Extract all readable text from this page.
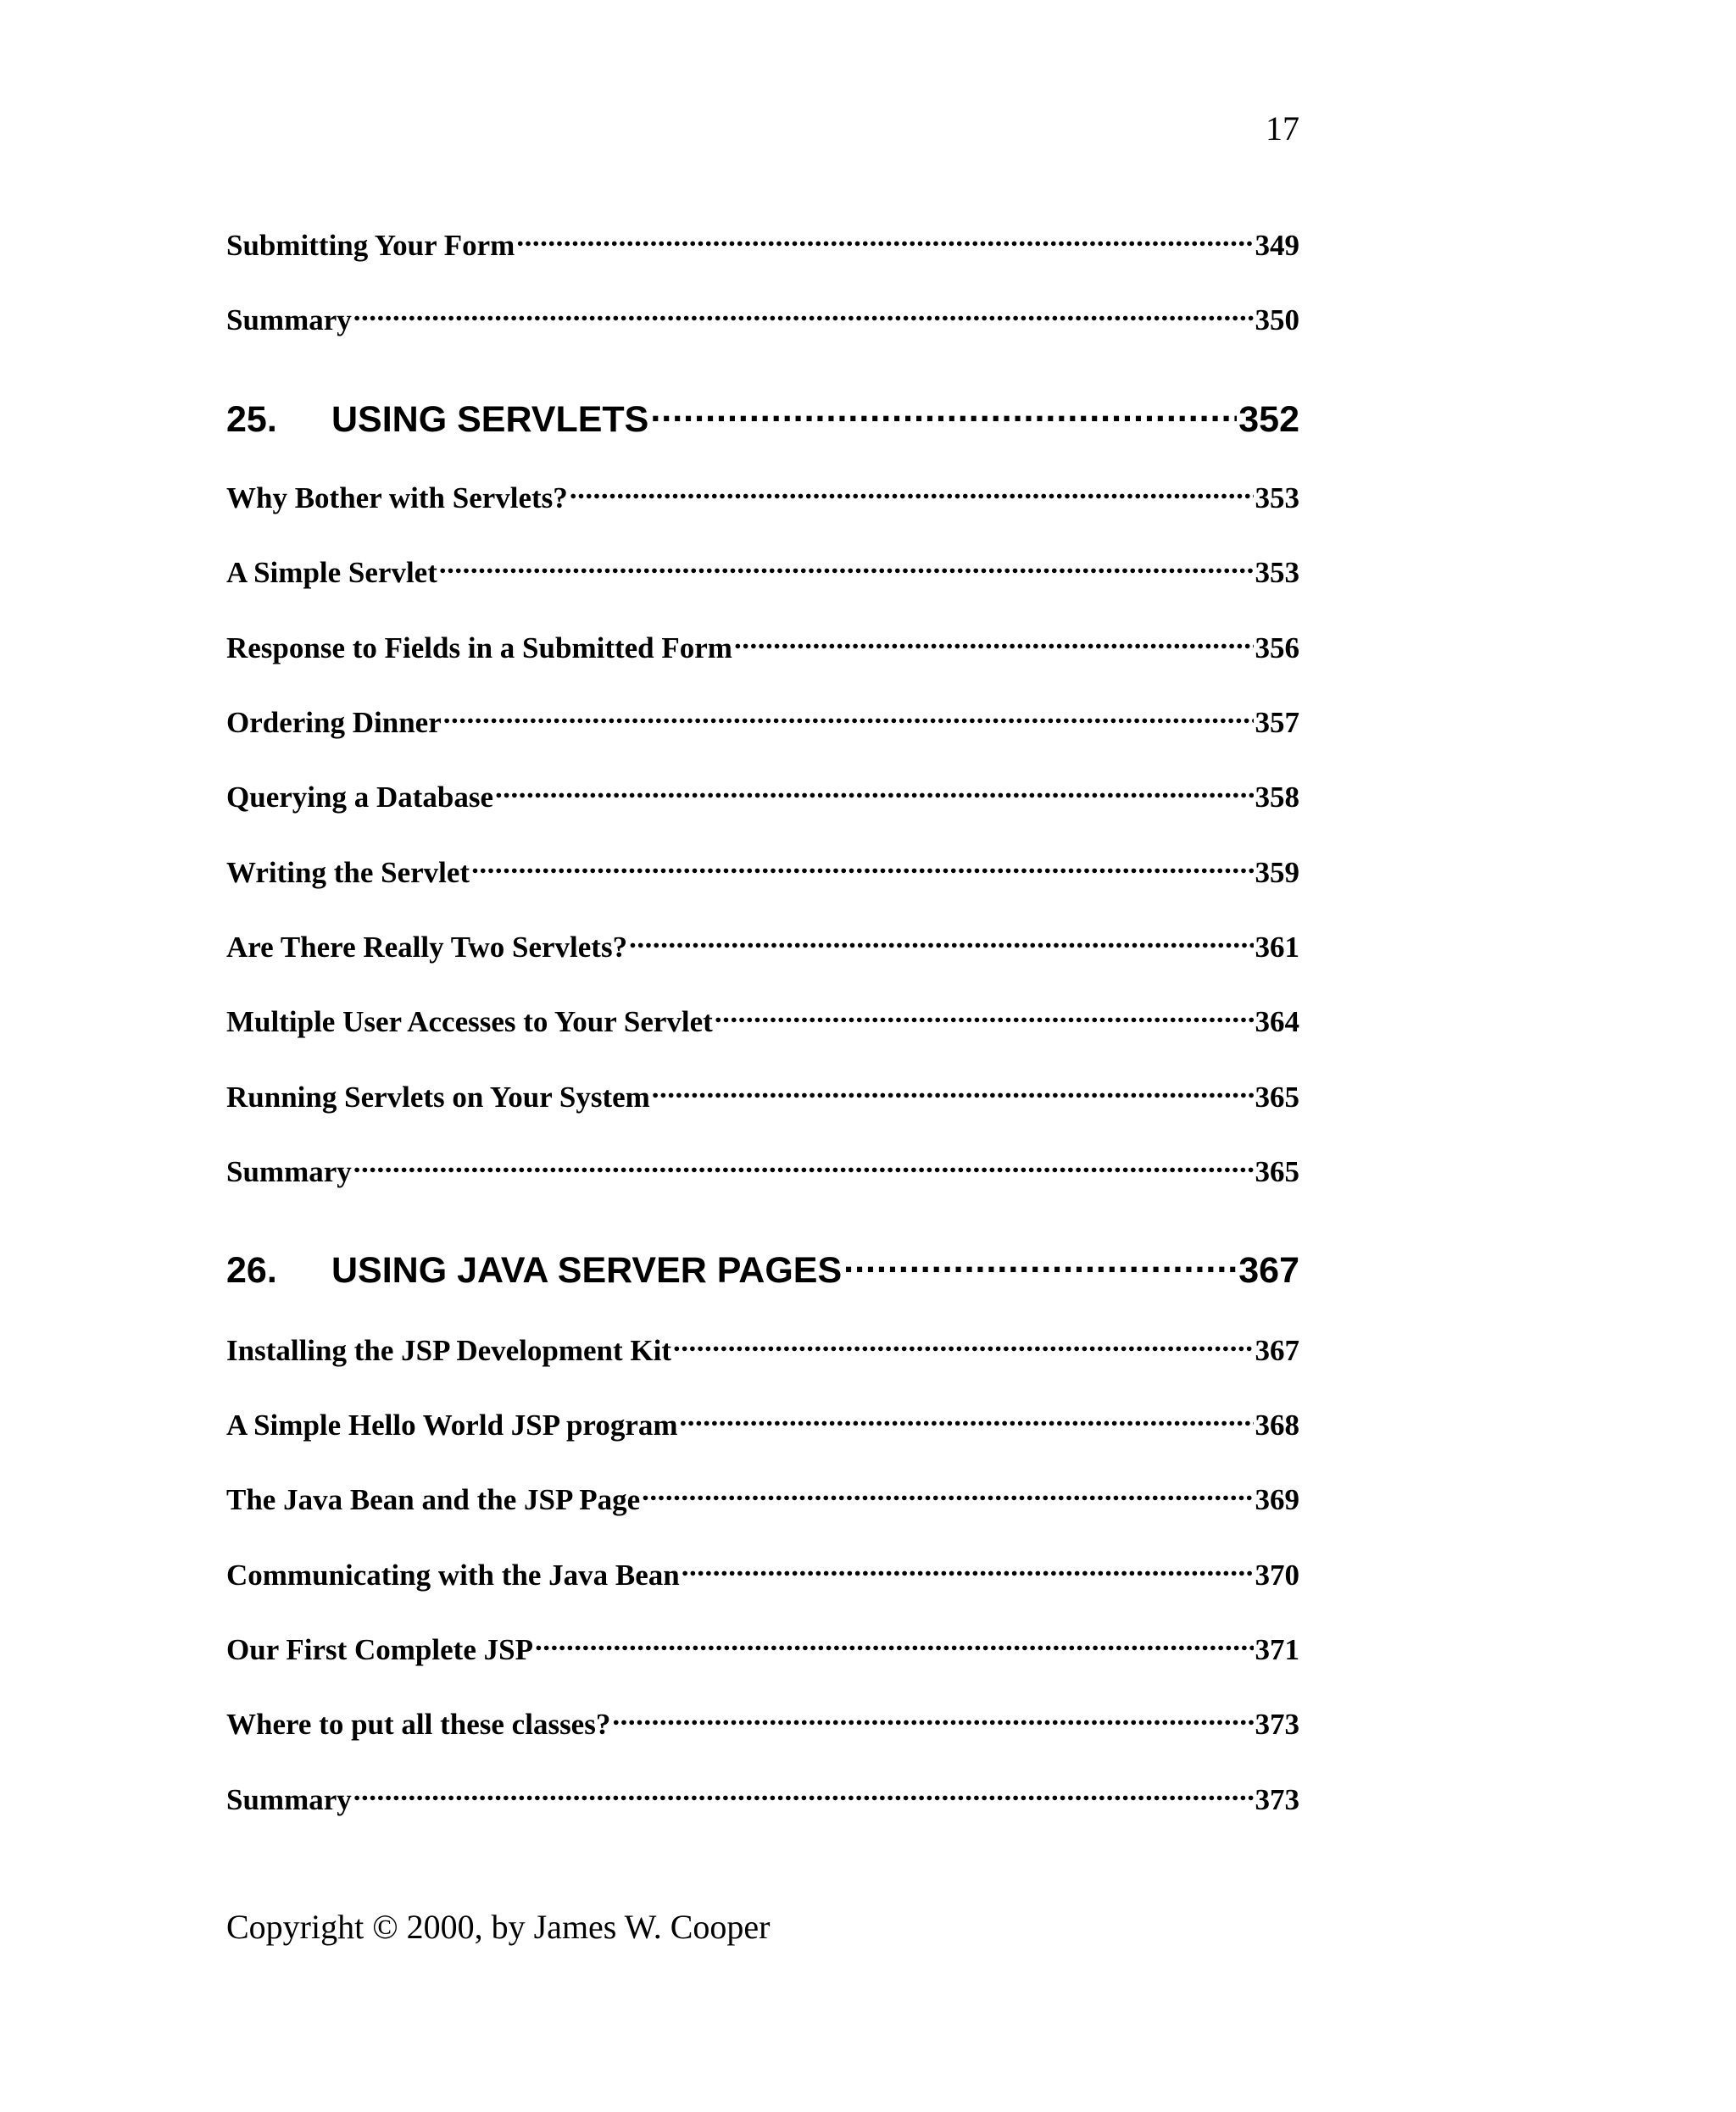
17
Submitting Your Form .....	349
Summary .....	350
25.	USING SERVLETS .....	352
Why Bother with Servlets? .....	353
A Simple Servlet .....	353
Response to Fields in a Submitted Form .....	356
Ordering Dinner .....	357
Querying a Database .....	358
Writing the Servlet .....	359
Are There Really Two Servlets? .....	361
Multiple User Accesses to Your Servlet .....	364
Running Servlets on Your System .....	365
Summary .....	365
26.	USING JAVA SERVER PAGES .....	367
Installing the JSP Development Kit .....	367
A Simple Hello World JSP program .....	368
The Java Bean and the JSP Page .....	369
Communicating with the Java Bean .....	370
Our First Complete JSP .....	371
Where to put all these classes? .....	373
Summary .....	373
Copyright © 2000, by James W. Cooper
